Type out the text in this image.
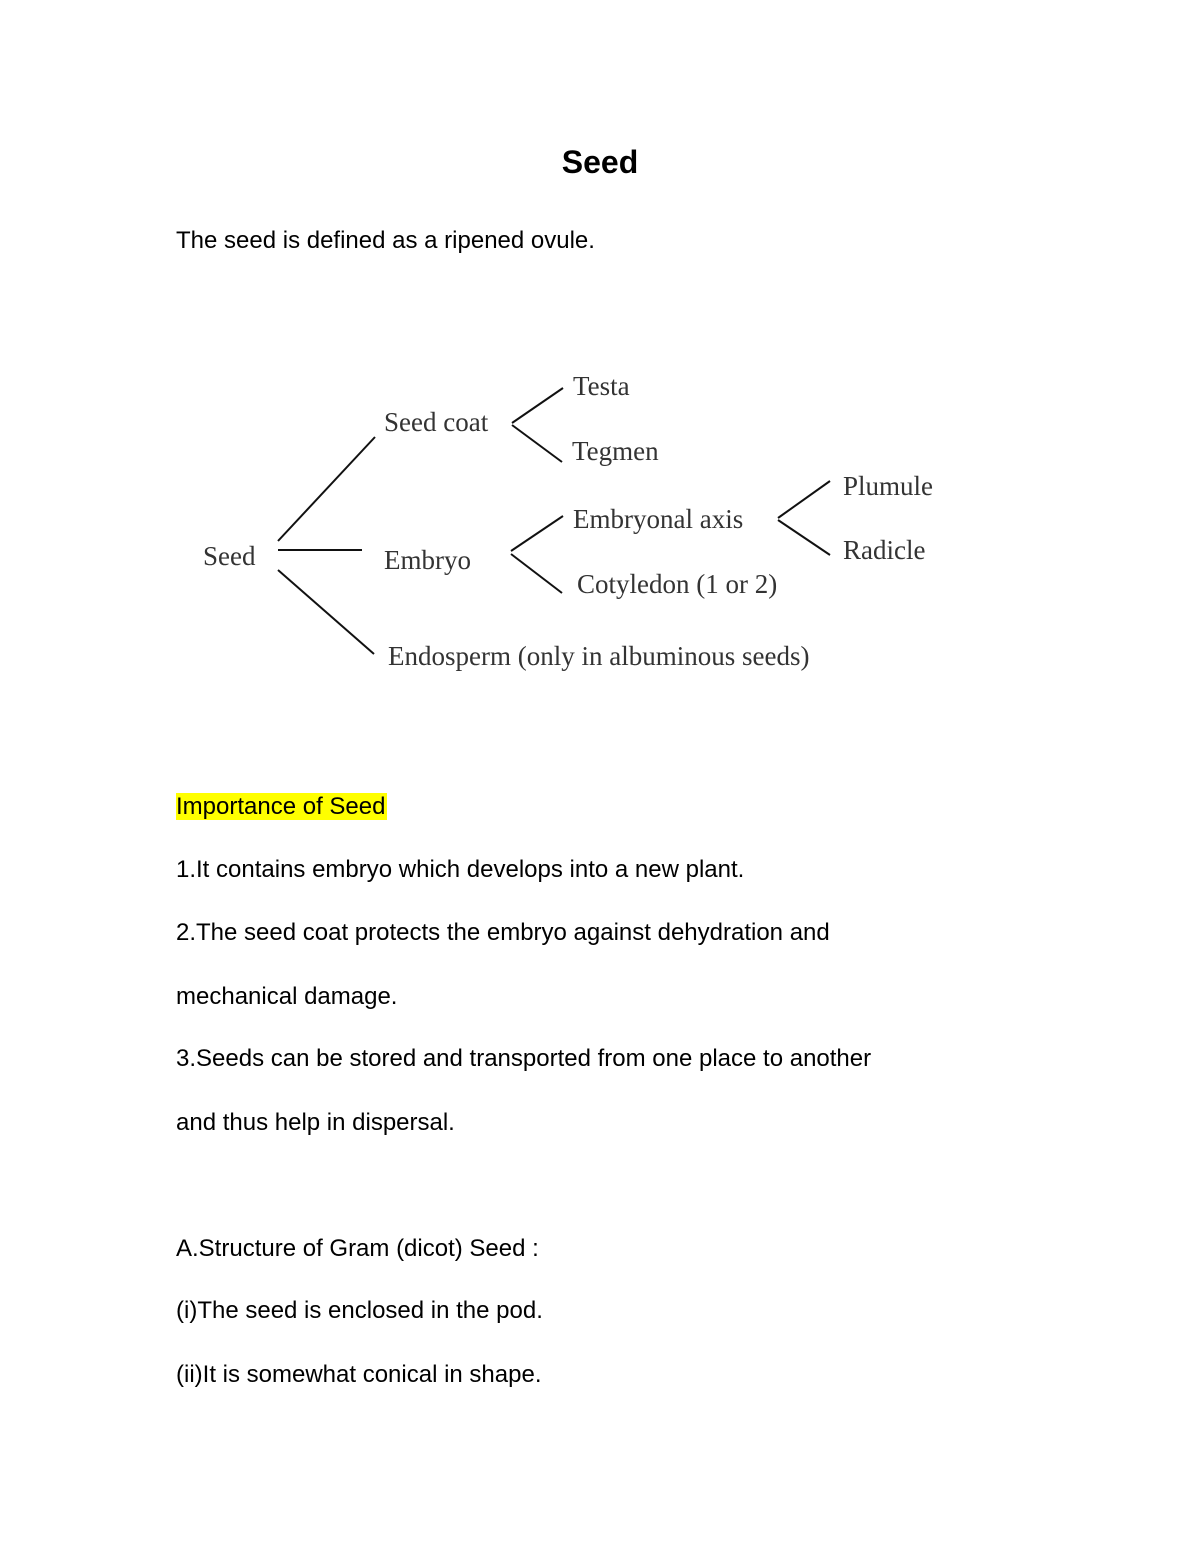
Seed
The seed is defined as a ripened ovule.
Seed
Seed coat
Testa
Tegmen
Embryo
Embryonal axis
Plumule
Radicle
Cotyledon (1 or 2)
Endosperm (only in albuminous seeds)
Importance of Seed
1.It contains embryo which develops into a new plant.
2.The seed coat protects the embryo against dehydration and
mechanical damage.
3.Seeds can be stored and transported from one place to another
and thus help in dispersal.
A.Structure of Gram (dicot) Seed :
(i)The seed is enclosed in the pod.
(ii)It is somewhat conical in shape.
